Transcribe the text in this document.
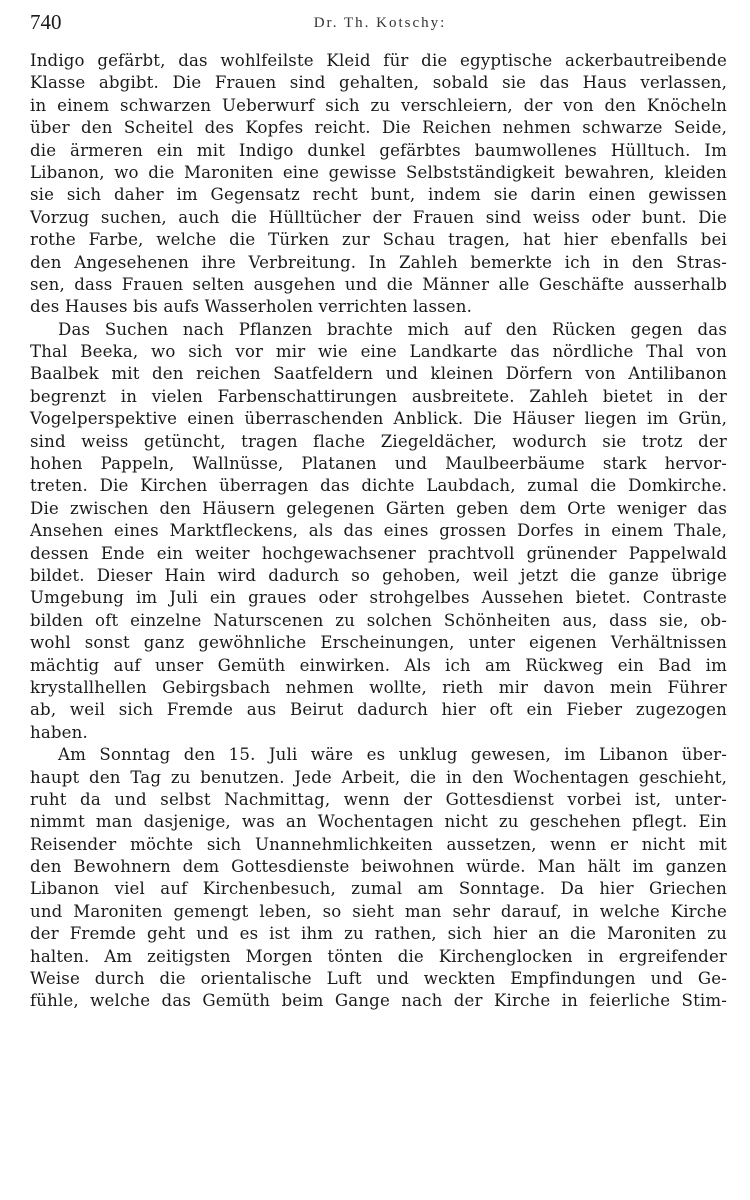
740	Dr. Th. Kotschy:
Indigo gefärbt, das wohlfeilste Kleid für die egyptische ackerbautreibende
Klasse abgibt. Die Frauen sind gehalten, sobald sie das Haus verlassen,
in einem schwarzen Ueberwurf sich zu verschleiern, der von den Knöcheln
über den Scheitel des Kopfes reicht. Die Reichen nehmen schwarze Seide,
die ärmeren ein mit Indigo dunkel gefärbtes baumwollenes Hülltuch. Im
Libanon, wo die Maroniten eine gewisse Selbstständigkeit bewahren, kleiden
sie sich daher im Gegensatz recht bunt, indem sie darin einen gewissen
Vorzug suchen, auch die Hülltücher der Frauen sind weiss oder bunt. Die
rothe Farbe, welche die Türken zur Schau tragen, hat hier ebenfalls bei
den Angesehenen ihre Verbreitung. In Zahleh bemerkte ich in den Stras-
sen, dass Frauen selten ausgehen und die Männer alle Geschäfte ausserhalb
des Hauses bis aufs Wasserholen verrichten lassen.
Das Suchen nach Pflanzen brachte mich auf den Rücken gegen das
Thal Beeka, wo sich vor mir wie eine Landkarte das nördliche Thal von
Baalbek mit den reichen Saatfeldern und kleinen Dörfern von Antilibanon
begrenzt in vielen Farbenschattirungen ausbreitete. Zahleh bietet in der
Vogelperspektive einen überraschenden Anblick. Die Häuser liegen im Grün,
sind weiss getüncht, tragen flache Ziegeldächer, wodurch sie trotz der
hohen Pappeln, Wallnüsse, Platanen und Maulbeerbäume stark hervor-
treten. Die Kirchen überragen das dichte Laubdach, zumal die Domkirche.
Die zwischen den Häusern gelegenen Gärten geben dem Orte weniger das
Ansehen eines Marktfleckens, als das eines grossen Dorfes in einem Thale,
dessen Ende ein weiter hochgewachsener prachtvoll grünender Pappelwald
bildet. Dieser Hain wird dadurch so gehoben, weil jetzt die ganze übrige
Umgebung im Juli ein graues oder strohgelbes Aussehen bietet. Contraste
bilden oft einzelne Naturscenen zu solchen Schönheiten aus, dass sie, ob-
wohl sonst ganz gewöhnliche Erscheinungen, unter eigenen Verhältnissen
mächtig auf unser Gemüth einwirken. Als ich am Rückweg ein Bad im
krystallhellen Gebirgsbach nehmen wollte, rieth mir davon mein Führer
ab, weil sich Fremde aus Beirut dadurch hier oft ein Fieber zugezogen
haben.
Am Sonntag den 15. Juli wäre es unklug gewesen, im Libanon über-
haupt den Tag zu benutzen. Jede Arbeit, die in den Wochentagen geschieht,
ruht da und selbst Nachmittag, wenn der Gottesdienst vorbei ist, unter-
nimmt man dasjenige, was an Wochentagen nicht zu geschehen pflegt. Ein
Reisender möchte sich Unannehmlichkeiten aussetzen, wenn er nicht mit
den Bewohnern dem Gottesdienste beiwohnen würde. Man hält im ganzen
Libanon viel auf Kirchenbesuch, zumal am Sonntage. Da hier Griechen
und Maroniten gemengt leben, so sieht man sehr darauf, in welche Kirche
der Fremde geht und es ist ihm zu rathen, sich hier an die Maroniten zu
halten. Am zeitigsten Morgen tönten die Kirchenglocken in ergreifender
Weise durch die orientalische Luft und weckten Empfindungen und Ge-
fühle, welche das Gemüth beim Gange nach der Kirche in feierliche Stim-
